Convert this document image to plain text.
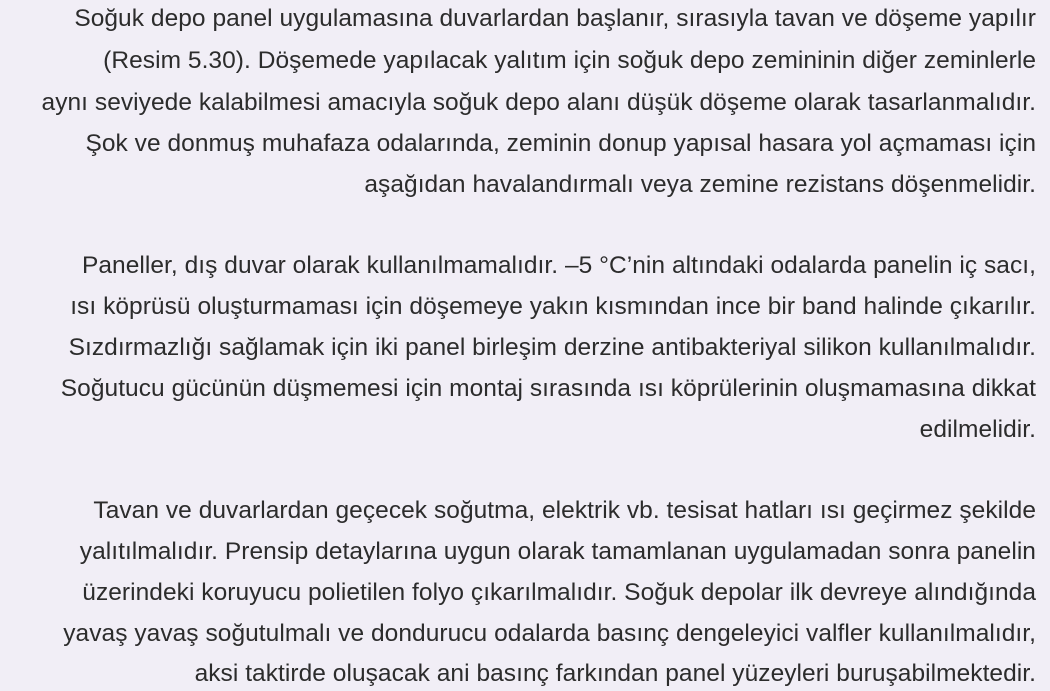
Soğuk depo panel uygulamasına duvarlardan başlanır, sırasıyla tavan ve döşeme yapılır
(Resim 5.30). Döşemede yapılacak yalıtım için soğuk depo zemininin diğer zeminlerle
aynı seviyede kalabilmesi amacıyla soğuk depo alanı düşük döşeme olarak tasarlanmalıdır.
Şok ve donmuş muhafaza odalarında, zeminin donup yapısal hasara yol açmaması için
aşağıdan havalandırmalı veya zemine rezistans döşenmelidir.
Paneller, dış duvar olarak kullanılmamalıdır. –5 °C’nin altındaki odalarda panelin iç sacı,
ısı köprüsü oluşturmaması için döşemeye yakın kısmından ince bir band halinde çıkarılır.
Sızdırmazlığı sağlamak için iki panel birleşim derzine antibakteriyal silikon kullanılmalıdır.
Soğutucu gücünün düşmemesi için montaj sırasında ısı köprülerinin oluşmamasına dikkat
edilmelidir.
Tavan ve duvarlardan geçecek soğutma, elektrik vb. tesisat hatları ısı geçirmez şekilde
yalıtılmalıdır. Prensip detaylarına uygun olarak tamamlanan uygulamadan sonra panelin
üzerindeki koruyucu polietilen folyo çıkarılmalıdır. Soğuk depolar ilk devreye alındığında
yavaş yavaş soğutulmalı ve dondurucu odalarda basınç dengeleyici valfler kullanılmalıdır,
aksi taktirde oluşacak ani basınç farkından panel yüzeyleri buruşabilmektedir.
